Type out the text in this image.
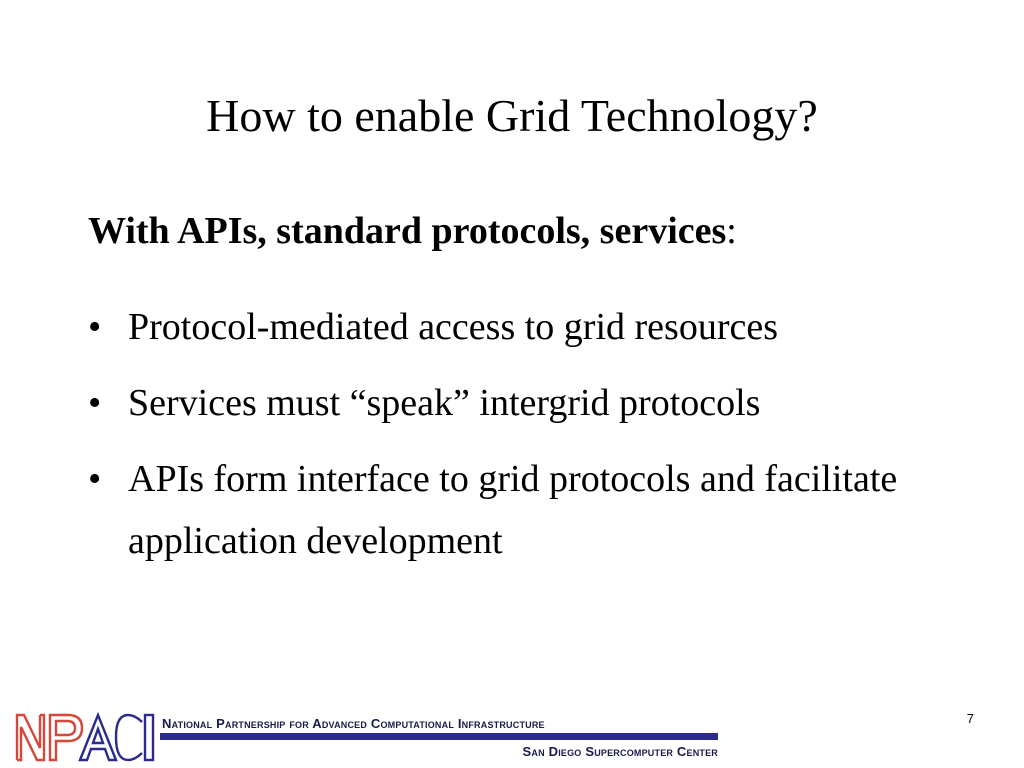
How to enable Grid Technology?

With APIs, standard protocols, services:

• Protocol-mediated access to grid resources
• Services must “speak” intergrid protocols
• APIs form interface to grid protocols and facilitate application development
7
National Partnership for Advanced Computational Infrastructure
San Diego Supercomputer Center
